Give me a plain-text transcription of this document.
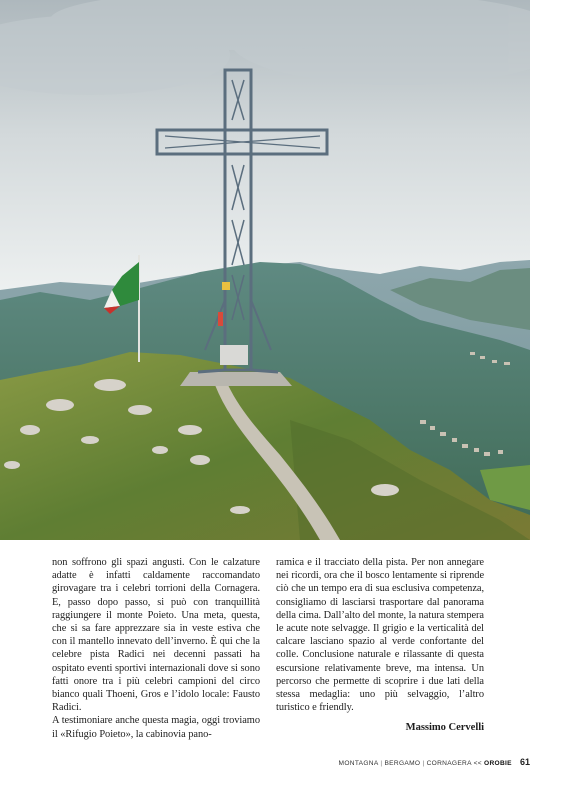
non soffrono gli spazi angusti. Con le calzature adatte è infatti caldamente raccomandato girovagare tra i celebri torrioni della Cornagera. E, passo dopo passo, si può con tranquillità raggiungere il monte Poieto. Una meta, questa, che si sa fare apprezzare sia in veste estiva che con il mantello innevato dell’inverno. È qui che la celebre pista Radici nei decenni passati ha ospitato eventi sportivi internazionali dove si sono fatti onore tra i più celebri campioni del circo bianco quali Thoeni, Gros e l’idolo locale: Fausto Radici.

A testimoniare anche questa magia, oggi troviamo il «Rifugio Poieto», la cabinovia pano-

ramica e il tracciato della pista. Per non annegare nei ricordi, ora che il bosco lentamente si riprende ciò che un tempo era di sua esclusiva competenza, consigliamo di lasciarsi trasportare dal panorama della cima. Dall’alto del monte, la natura stempera le acute note selvagge. Il grigio e la verticalità del calcare lasciano spazio al verde confortante del colle. Conclusione naturale e rilassante di questa escursione relativamente breve, ma intensa. Un percorso che permette di scoprire i due lati della stessa medaglia: uno più selvaggio, l’altro turistico e friendly.

Massimo Cervelli

MONTAGNA | BERGAMO | CORNAGERA << OROBIE 61
